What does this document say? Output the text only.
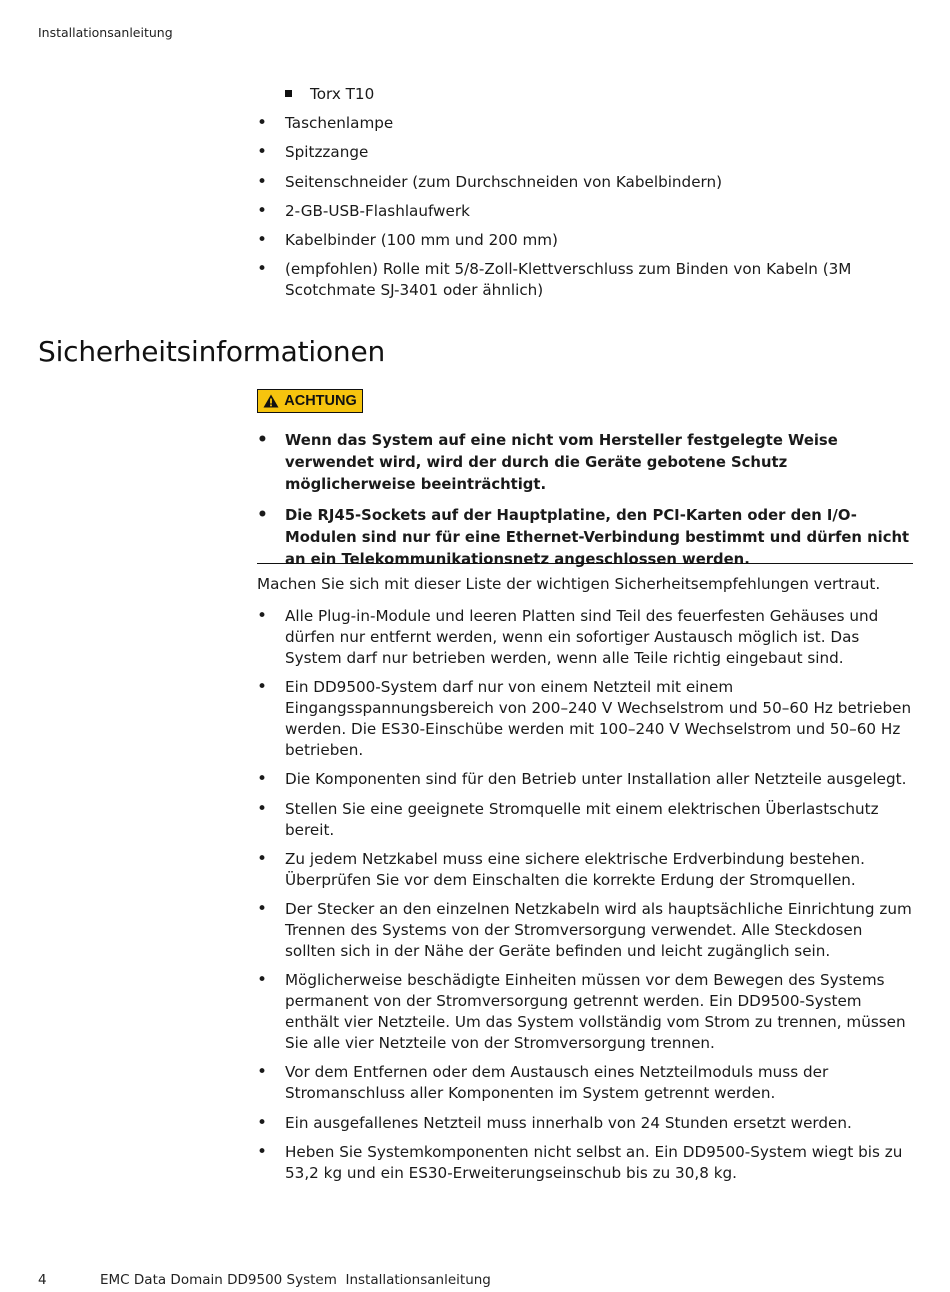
Installationsanleitung
Torx T10
• Taschenlampe
• Spitzzange
• Seitenschneider (zum Durchschneiden von Kabelbindern)
• 2-GB-USB-Flashlaufwerk
• Kabelbinder (100 mm und 200 mm)
• (empfohlen) Rolle mit 5/8-Zoll-Klettverschluss zum Binden von Kabeln (3M Scotchmate SJ-3401 oder ähnlich)
Sicherheitsinformationen
ACHTUNG
• Wenn das System auf eine nicht vom Hersteller festgelegte Weise verwendet wird, wird der durch die Geräte gebotene Schutz möglicherweise beeinträchtigt.
• Die RJ45-Sockets auf der Hauptplatine, den PCI-Karten oder den I/O-Modulen sind nur für eine Ethernet-Verbindung bestimmt und dürfen nicht an ein Telekommunikationsnetz angeschlossen werden.

Machen Sie sich mit dieser Liste der wichtigen Sicherheitsempfehlungen vertraut.

• Alle Plug-in-Module und leeren Platten sind Teil des feuerfesten Gehäuses und dürfen nur entfernt werden, wenn ein sofortiger Austausch möglich ist. Das System darf nur betrieben werden, wenn alle Teile richtig eingebaut sind.
• Ein DD9500-System darf nur von einem Netzteil mit einem Eingangsspannungsbereich von 200–240 V Wechselstrom und 50–60 Hz betrieben werden. Die ES30-Einschübe werden mit 100–240 V Wechselstrom und 50–60 Hz betrieben.
• Die Komponenten sind für den Betrieb unter Installation aller Netzteile ausgelegt.
• Stellen Sie eine geeignete Stromquelle mit einem elektrischen Überlastschutz bereit.
• Zu jedem Netzkabel muss eine sichere elektrische Erdverbindung bestehen. Überprüfen Sie vor dem Einschalten die korrekte Erdung der Stromquellen.
• Der Stecker an den einzelnen Netzkabeln wird als hauptsächliche Einrichtung zum Trennen des Systems von der Stromversorgung verwendet. Alle Steckdosen sollten sich in der Nähe der Geräte befinden und leicht zugänglich sein.
• Möglicherweise beschädigte Einheiten müssen vor dem Bewegen des Systems permanent von der Stromversorgung getrennt werden. Ein DD9500-System enthält vier Netzteile. Um das System vollständig vom Strom zu trennen, müssen Sie alle vier Netzteile von der Stromversorgung trennen.
• Vor dem Entfernen oder dem Austausch eines Netzteilmoduls muss der Stromanschluss aller Komponenten im System getrennt werden.
• Ein ausgefallenes Netzteil muss innerhalb von 24 Stunden ersetzt werden.
• Heben Sie Systemkomponenten nicht selbst an. Ein DD9500-System wiegt bis zu 53,2 kg und ein ES30-Erweiterungseinschub bis zu 30,8 kg.
4	EMC Data Domain DD9500 System  Installationsanleitung
